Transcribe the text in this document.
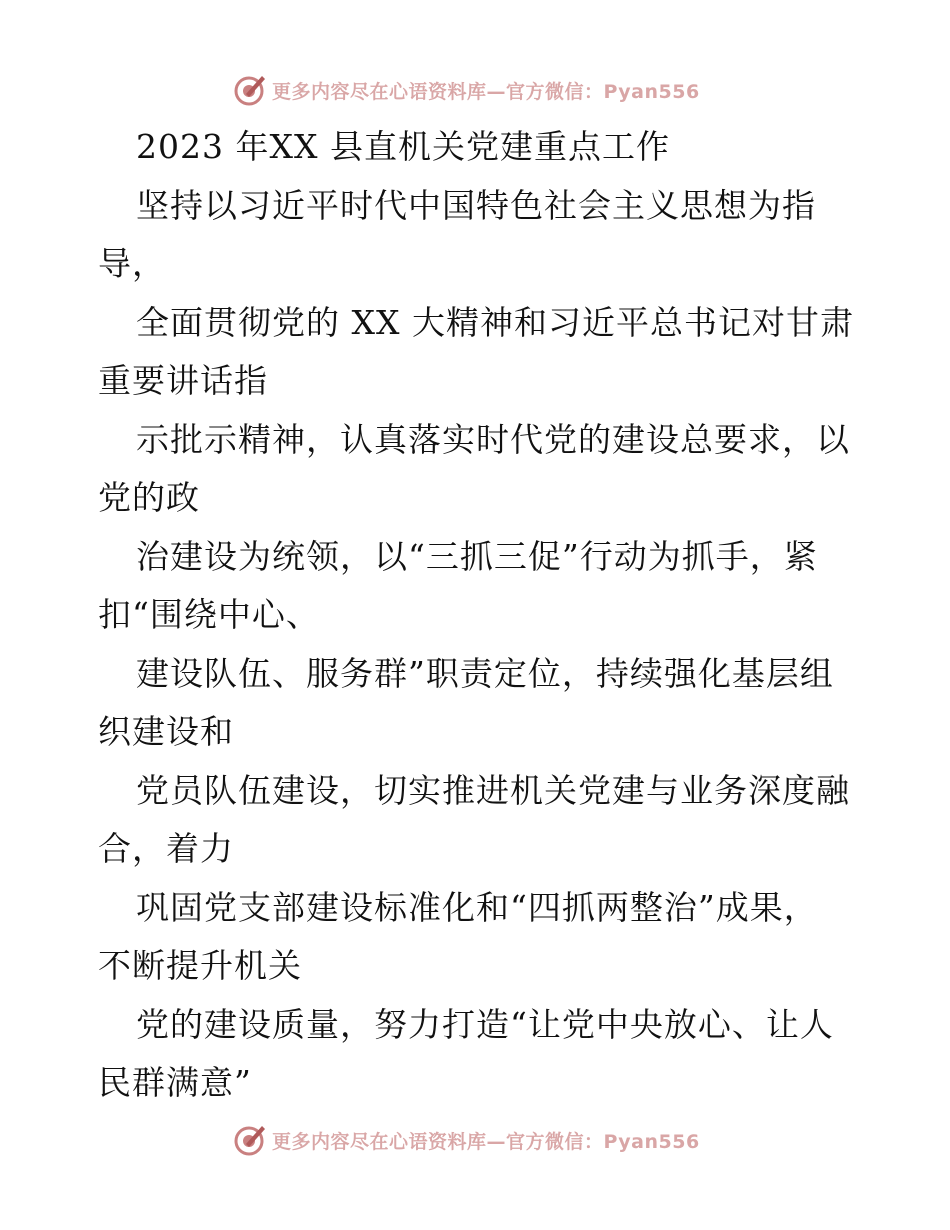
更多内容尽在心语资料库—官方微信：Pyan556
2023 年XX 县直机关党建重点工作
坚持以习近平时代中国特色社会主义思想为指
导，
全面贯彻党的 XX 大精神和习近平总书记对甘肃
重要讲话指
示批示精神，认真落实时代党的建设总要求，以
党的政
治建设为统领，以“三抓三促”行动为抓手，紧
扣“围绕中心、
建设队伍、服务群”职责定位，持续强化基层组
织建设和
党员队伍建设，切实推进机关党建与业务深度融
合，着力
巩固党支部建设标准化和“四抓两整治”成果，
不断提升机关
党的建设质量，努力打造“让党中央放心、让人
民群满意”
更多内容尽在心语资料库—官方微信：Pyan556
